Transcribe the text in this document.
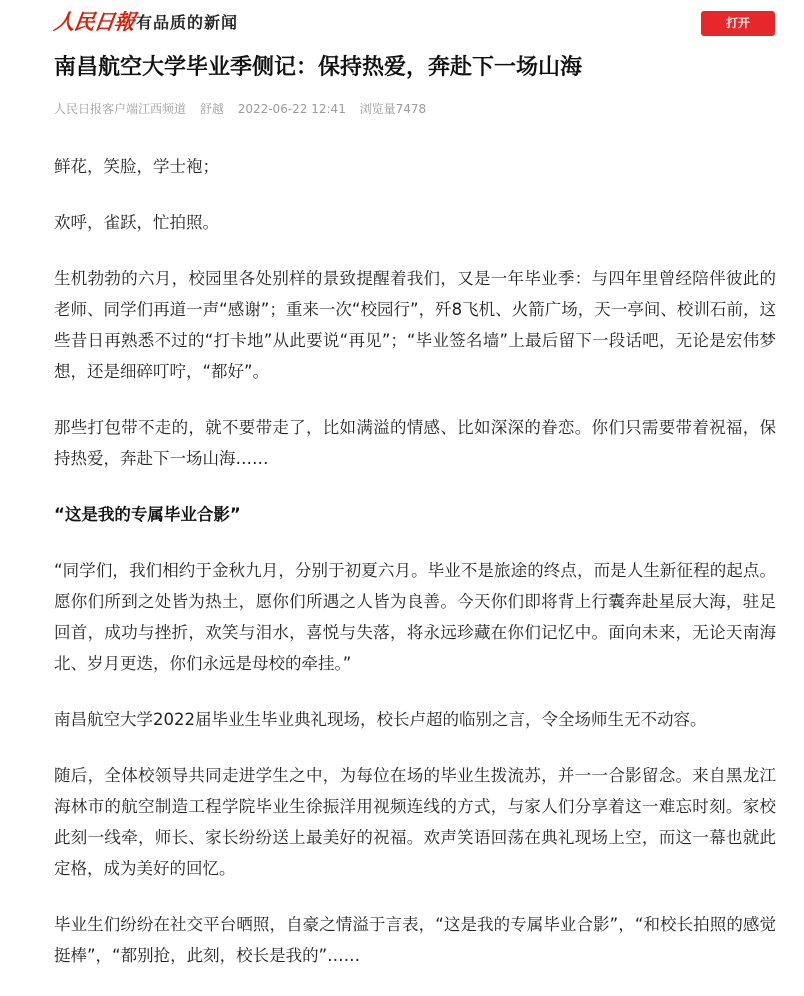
人民日報 有品质的新闻	打开
南昌航空大学毕业季侧记：保持热爱，奔赴下一场山海
人民日报客户端江西频道 舒越 2022-06-22 12:41 浏览量7478

鲜花，笑脸，学士袍；

欢呼，雀跃，忙拍照。

生机勃勃的六月，校园里各处别样的景致提醒着我们，又是一年毕业季：与四年里曾经陪伴彼此的老师、同学们再道一声“感谢”；重来一次“校园行”，歼8飞机、火箭广场，天一亭间、校训石前，这些昔日再熟悉不过的“打卡地”从此要说“再见”；“毕业签名墙”上最后留下一段话吧，无论是宏伟梦想，还是细碎叮咛，“都好”。

那些打包带不走的，就不要带走了，比如满溢的情感、比如深深的眷恋。你们只需要带着祝福，保持热爱，奔赴下一场山海……

“这是我的专属毕业合影”

“同学们，我们相约于金秋九月，分别于初夏六月。毕业不是旅途的终点，而是人生新征程的起点。愿你们所到之处皆为热土，愿你们所遇之人皆为良善。今天你们即将背上行囊奔赴星辰大海，驻足回首，成功与挫折，欢笑与泪水，喜悦与失落，将永远珍藏在你们记忆中。面向未来，无论天南海北、岁月更迭，你们永远是母校的牵挂。”

南昌航空大学2022届毕业生毕业典礼现场，校长卢超的临别之言，令全场师生无不动容。

随后，全体校领导共同走进学生之中，为每位在场的毕业生拨流苏，并一一合影留念。来自黑龙江海林市的航空制造工程学院毕业生徐振洋用视频连线的方式，与家人们分享着这一难忘时刻。家校此刻一线牵，师长、家长纷纷送上最美好的祝福。欢声笑语回荡在典礼现场上空，而这一幕也就此定格，成为美好的回忆。

毕业生们纷纷在社交平台晒照，自豪之情溢于言表，“这是我的专属毕业合影”，“和校长拍照的感觉挺棒”，“都别抢，此刻，校长是我的”……
